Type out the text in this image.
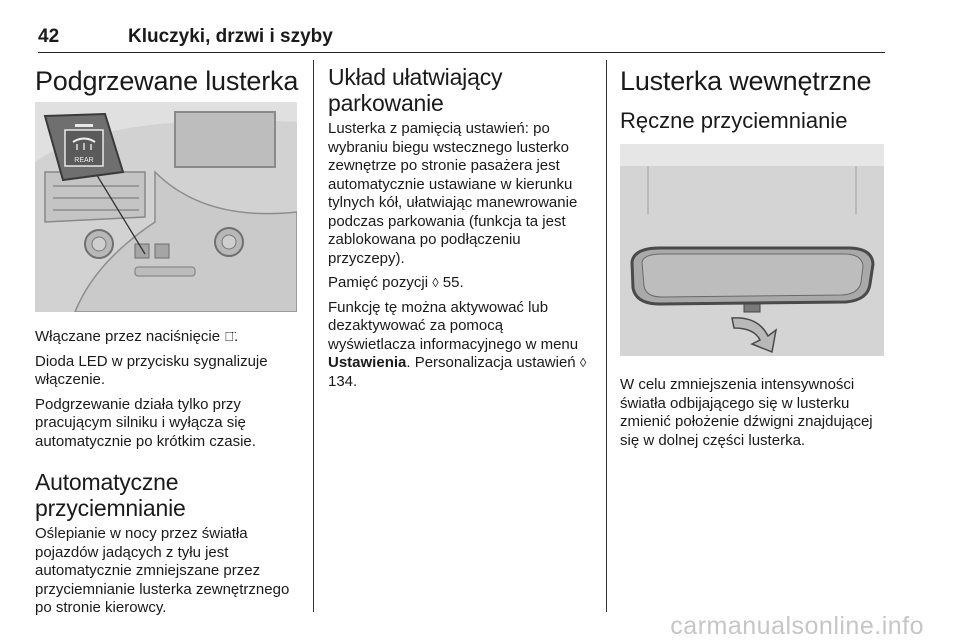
42	Kluczyki, drzwi i szyby
Podgrzewane lusterka
REAR

Włączane przez naciśnięcie ⌒̈.

Dioda LED w przycisku sygnalizuje włączenie.

Podgrzewanie działa tylko przy pracującym silniku i wyłącza się automatycznie po krótkim czasie.

Automatyczne przyciemnianie

Oślepianie w nocy przez światła pojazdów jadących z tyłu jest automatycznie zmniejszane przez przyciemnianie lusterka zewnętrznego po stronie kierowcy.

Układ ułatwiający parkowanie

Lusterka z pamięcią ustawień: po wybraniu biegu wstecznego lusterko zewnętrze po stronie pasażera jest automatycznie ustawiane w kierunku tylnych kół, ułatwiając manewrowanie podczas parkowania (funkcja ta jest zablokowana po podłączeniu przyczepy).

Pamięć pozycji ◊ 55.

Funkcję tę można aktywować lub dezaktywować za pomocą wyświetlacza informacyjnego w menu Ustawienia. Personalizacja ustawień ◊ 134.

Lusterka wewnętrzne
Ręczne przyciemnianie

W celu zmniejszenia intensywności światła odbijającego się w lusterku zmienić położenie dźwigni znajdującej się w dolnej części lusterka.

carmanualsonline.info
